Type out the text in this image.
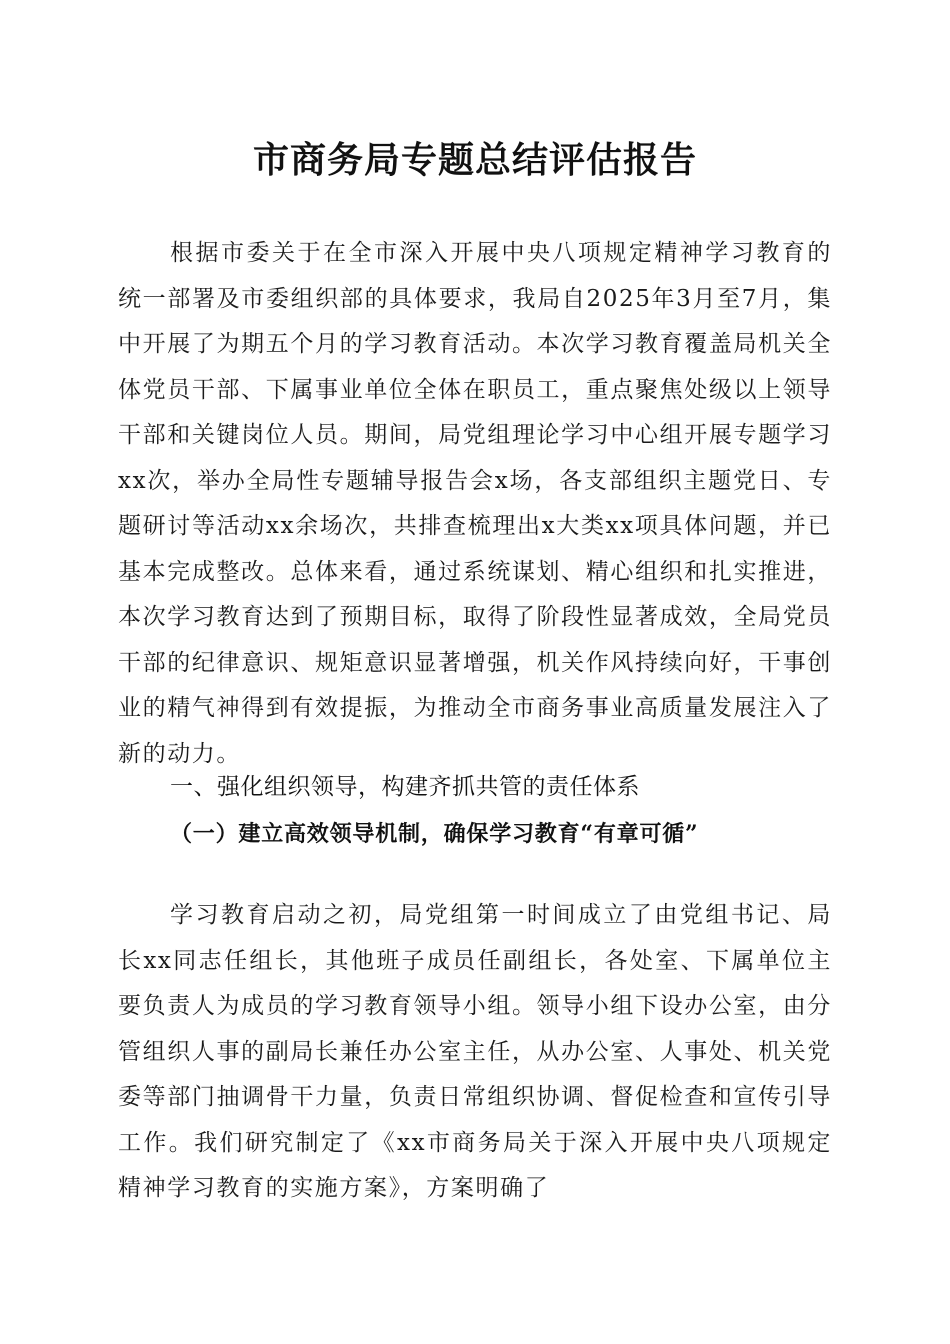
市商务局专题总结评估报告

根据市委关于在全市深入开展中央八项规定精神学习教育的统一部署及市委组织部的具体要求，我局自2025年3月至7月，集中开展了为期五个月的学习教育活动。本次学习教育覆盖局机关全体党员干部、下属事业单位全体在职员工，重点聚焦处级以上领导干部和关键岗位人员。期间，局党组理论学习中心组开展专题学习xx次，举办全局性专题辅导报告会x场，各支部组织主题党日、专题研讨等活动xx余场次，共排查梳理出x大类xx项具体问题，并已基本完成整改。总体来看，通过系统谋划、精心组织和扎实推进，本次学习教育达到了预期目标，取得了阶段性显著成效，全局党员干部的纪律意识、规矩意识显著增强，机关作风持续向好，干事创业的精气神得到有效提振，为推动全市商务事业高质量发展注入了新的动力。

一、强化组织领导，构建齐抓共管的责任体系
（一）建立高效领导机制，确保学习教育“有章可循”

学习教育启动之初，局党组第一时间成立了由党组书记、局长xx同志任组长，其他班子成员任副组长，各处室、下属单位主要负责人为成员的学习教育领导小组。领导小组下设办公室，由分管组织人事的副局长兼任办公室主任，从办公室、人事处、机关党委等部门抽调骨干力量，负责日常组织协调、督促检查和宣传引导工作。我们研究制定了《xx市商务局关于深入开展中央八项规定精神学习教育的实施方案》，方案明确了
